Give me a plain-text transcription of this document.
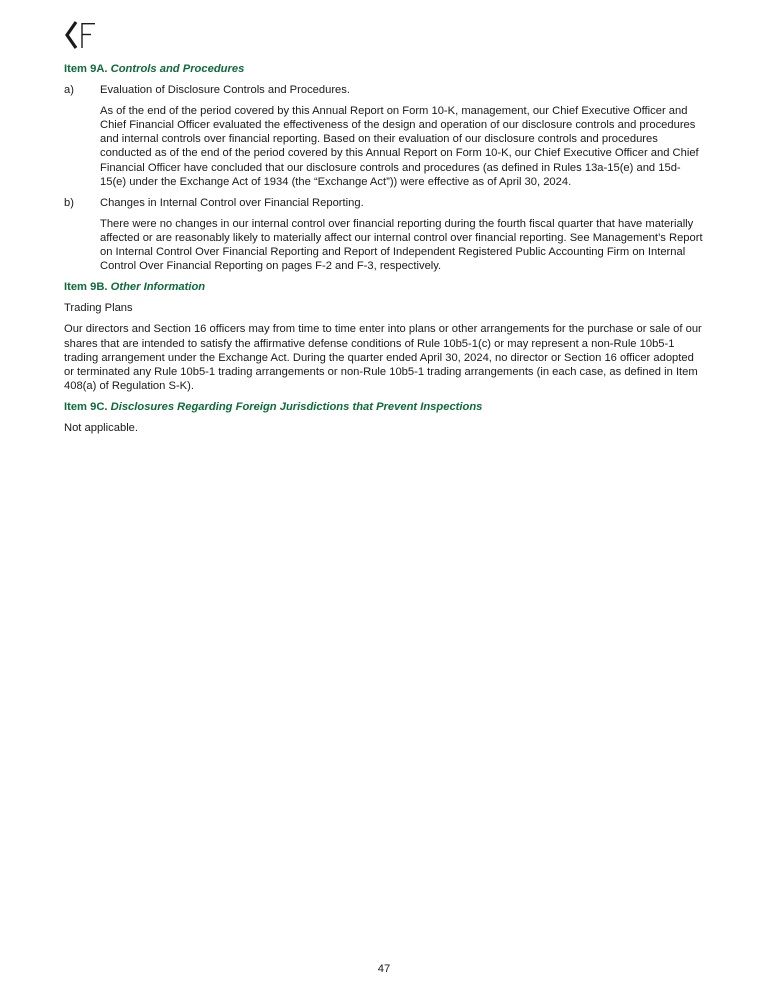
Item 9A. Controls and Procedures
a)	Evaluation of Disclosure Controls and Procedures.

As of the end of the period covered by this Annual Report on Form 10-K, management, our Chief Executive Officer and Chief Financial Officer evaluated the effectiveness of the design and operation of our disclosure controls and procedures and internal controls over financial reporting. Based on their evaluation of our disclosure controls and procedures conducted as of the end of the period covered by this Annual Report on Form 10-K, our Chief Executive Officer and Chief Financial Officer have concluded that our disclosure controls and procedures (as defined in Rules 13a-15(e) and 15d-15(e) under the Exchange Act of 1934 (the “Exchange Act”)) were effective as of April 30, 2024.

b)	Changes in Internal Control over Financial Reporting.

There were no changes in our internal control over financial reporting during the fourth fiscal quarter that have materially affected or are reasonably likely to materially affect our internal control over financial reporting. See Management’s Report on Internal Control Over Financial Reporting and Report of Independent Registered Public Accounting Firm on Internal Control Over Financial Reporting on pages F-2 and F-3, respectively.

Item 9B. Other Information

Trading Plans

Our directors and Section 16 officers may from time to time enter into plans or other arrangements for the purchase or sale of our shares that are intended to satisfy the affirmative defense conditions of Rule 10b5-1(c) or may represent a non-Rule 10b5-1 trading arrangement under the Exchange Act. During the quarter ended April 30, 2024, no director or Section 16 officer adopted or terminated any Rule 10b5-1 trading arrangements or non-Rule 10b5-1 trading arrangements (in each case, as defined in Item 408(a) of Regulation S-K).

Item 9C. Disclosures Regarding Foreign Jurisdictions that Prevent Inspections

Not applicable.

47
